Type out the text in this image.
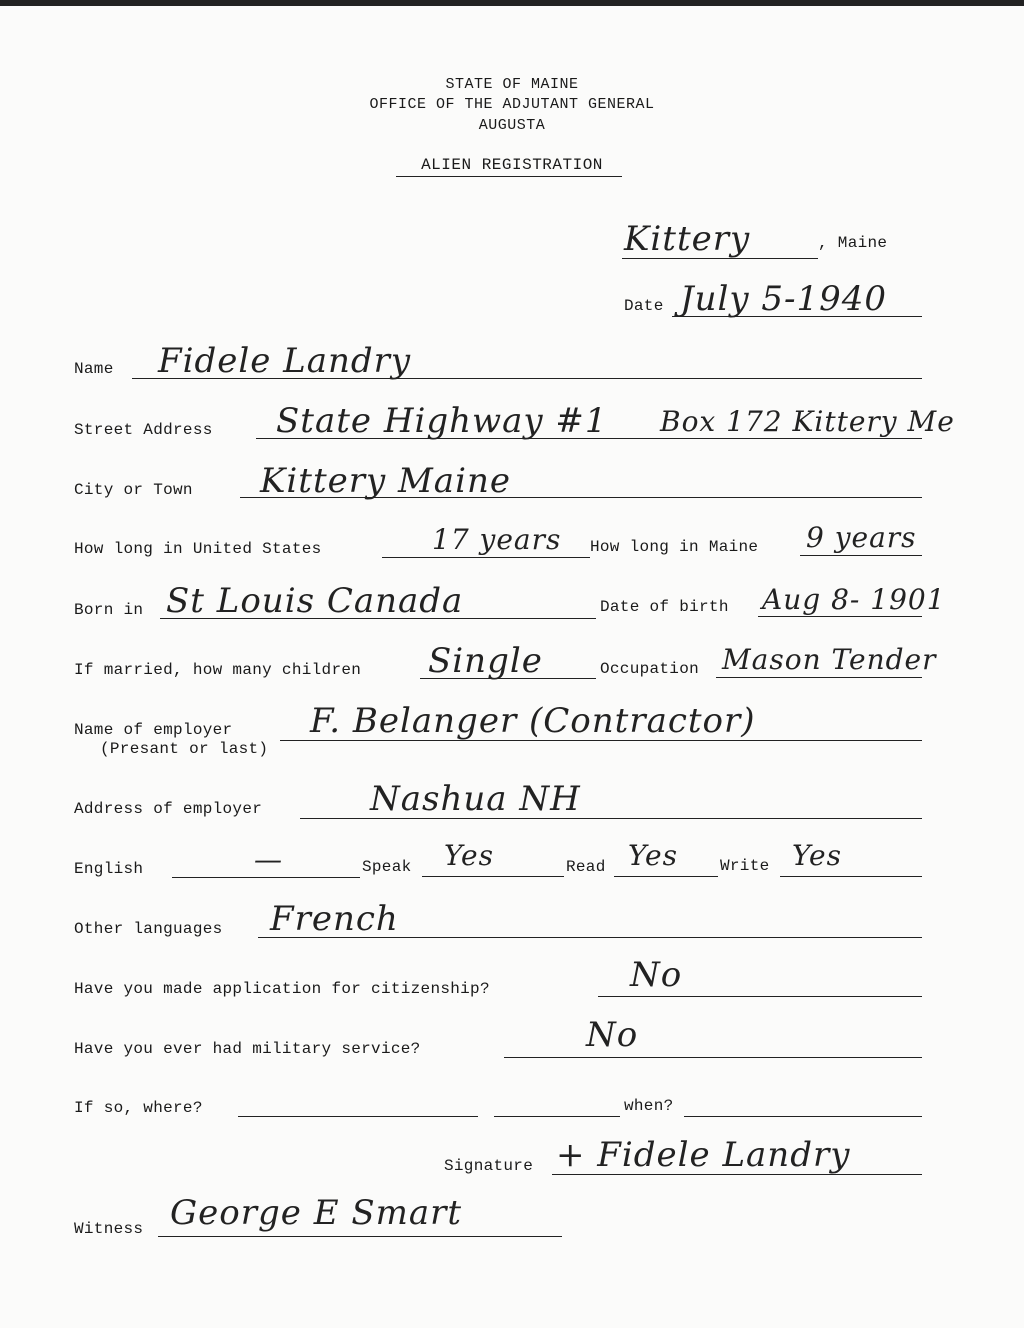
STATE OF MAINE
OFFICE OF THE ADJUTANT GENERAL
AUGUSTA
ALIEN REGISTRATION
Kittery	, Maine
Date July 5-1940
Name Fidele Landry
Street Address State Highway #1 Box 172 Kittery Me
City or Town Kittery Maine
How long in United States	17 years How long in Maine 9 years
Born in St Louis Canada	Date of birth Aug 8- 1901
If married, how many children Single	Occupation Mason Tender
Name of employer
(Presant or last)
F. Belanger (Contractor)
Address of employer	Nashua NH
English	—	Speak Yes	Read Yes	Write Yes
Other languages French
Have you made application for citizenship?	No
Have you ever had military service?	No
If so, where?	when?
Signature + Fidele Landry
Witness George E Smart
